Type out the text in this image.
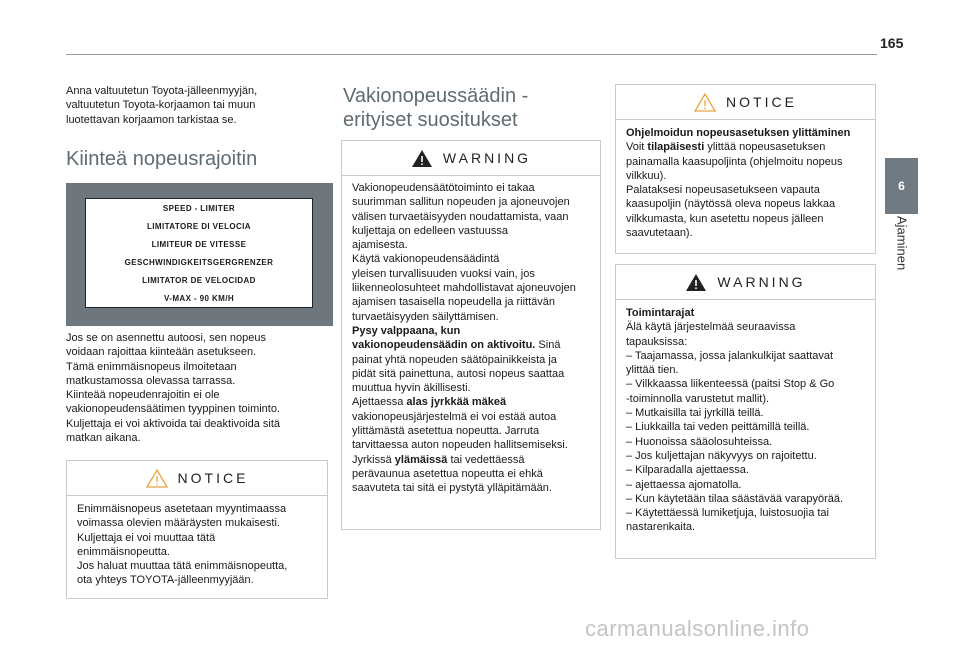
165
6
Ajaminen

Anna valtuutetun Toyota-jälleenmyyjän,

valtuutetun Toyota-korjaamon tai muun

luotettavan korjaamon tarkistaa se.

Kiinteä nopeusrajoitin
SPEED - LIMITER
LIMITATORE DI VELOCIA
LIMITEUR DE VITESSE
GESCHWINDIGKEITSGERGRENZER
LIMITATOR DE VELOCIDAD
V-MAX - 90 KM/H

Jos se on asennettu autoosi, sen nopeus

voidaan rajoittaa kiinteään asetukseen.

Tämä enimmäisnopeus ilmoitetaan

matkustamossa olevassa tarrassa.

Kiinteää nopeudenrajoitin ei ole

vakionopeudensäätimen tyyppinen toiminto.

Kuljettaja ei voi aktivoida tai deaktivoida sitä

matkan aikana.

NOTICE

Enimmäisnopeus asetetaan myyntimaassa

voimassa olevien määräysten mukaisesti.

Kuljettaja ei voi muuttaa tätä

enimmäisnopeutta.

Jos haluat muuttaa tätä enimmäisnopeutta,

ota yhteys TOYOTA-jälleenmyyjään.

Vakionopeussäädin -
erityiset suositukset
WARNING

Vakionopeudensäätötoiminto ei takaa

suurimman sallitun nopeuden ja ajoneuvojen

välisen turvaetäisyyden noudattamista, vaan

kuljettaja on edelleen vastuussa

ajamisesta.

Käytä vakionopeudensäädintä

yleisen turvallisuuden vuoksi vain, jos

liikenneolosuhteet mahdollistavat ajoneuvojen

ajamisen tasaisella nopeudella ja riittävän

turvaetäisyyden säilyttämisen.

Pysy valppaana, kun

vakionopeudensäädin on aktivoitu. Sinä

painat yhtä nopeuden säätöpainikkeista ja

pidät sitä painettuna, autosi nopeus saattaa

muuttua hyvin äkillisesti.

Ajettaessa alas jyrkkää mäkeä

vakionopeusjärjestelmä ei voi estää autoa

ylittämästä asetettua nopeutta. Jarruta

tarvittaessa auton nopeuden hallitsemiseksi.

Jyrkissä ylämäissä tai vedettäessä

perävaunua asetettua nopeutta ei ehkä

saavuteta tai sitä ei pystytä ylläpitämään.

NOTICE

Ohjelmoidun nopeusasetuksen ylittäminen

Voit tilapäisesti ylittää nopeusasetuksen

painamalla kaasupoljinta (ohjelmoitu nopeus

vilkkuu).

Palataksesi nopeusasetukseen vapauta

kaasupoljin (näytössä oleva nopeus lakkaa

vilkkumasta, kun asetettu nopeus jälleen

saavutetaan).

WARNING

Toimintarajat

Älä käytä järjestelmää seuraavissa

tapauksissa:

– Taajamassa, jossa jalankulkijat saattavat

ylittää tien.

– Vilkkaassa liikenteessä (paitsi Stop & Go

-toiminnolla varustetut mallit).

– Mutkaisilla tai jyrkillä teillä.

– Liukkailla tai veden peittämillä teillä.

– Huonoissa sääolosuhteissa.

– Jos kuljettajan näkyvyys on rajoitettu.

– Kilparadalla ajettaessa.

– ajettaessa ajomatolla.

– Kun käytetään tilaa säästävää varapyörää.

– Käytettäessä lumiketjuja, luistosuojia tai

nastarenkaita.

carmanualsonline.info
